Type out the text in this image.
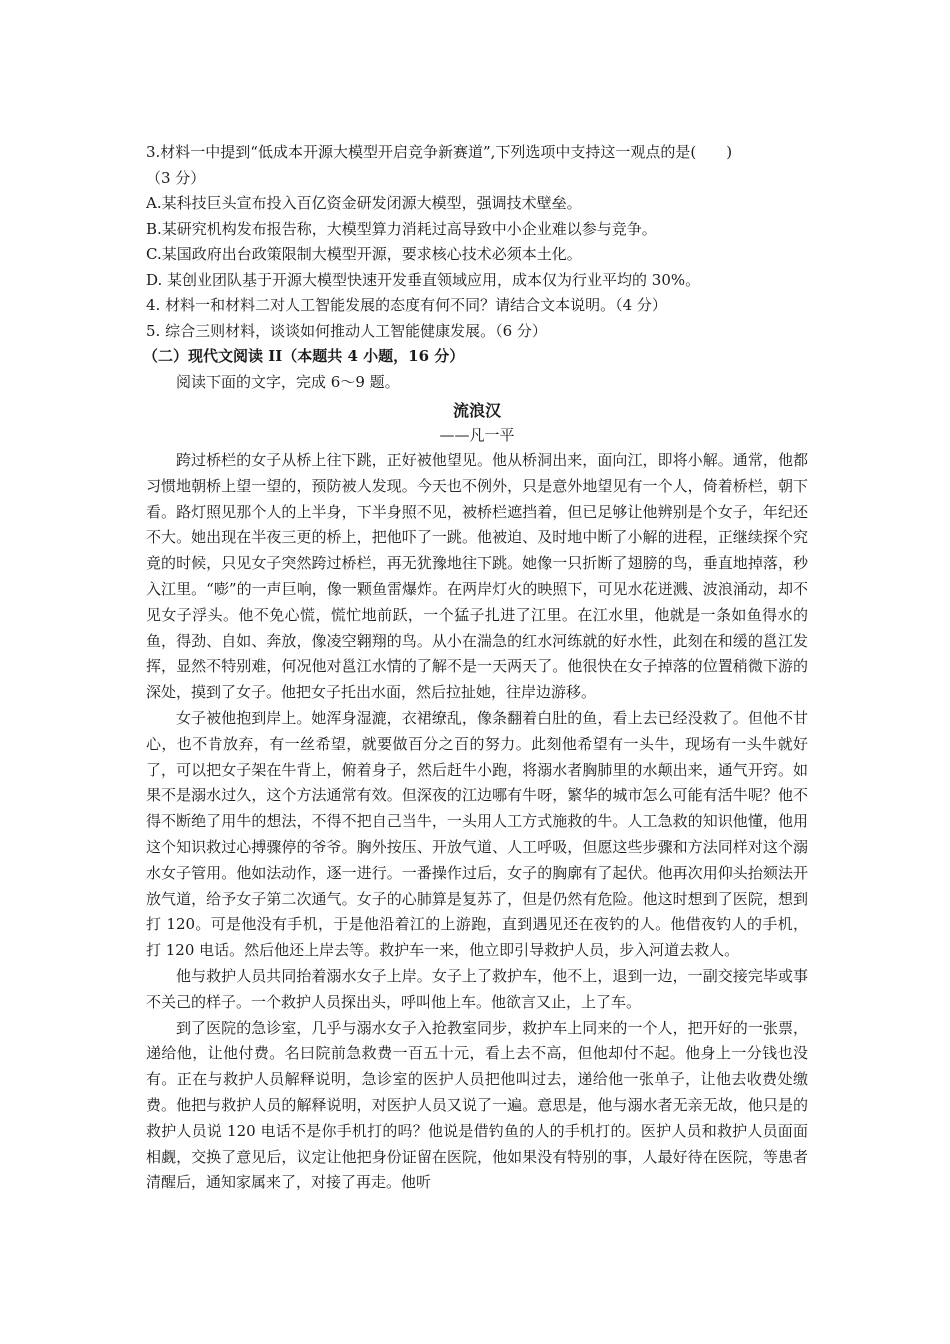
3.材料一中提到“低成本开源大模型开启竞争新赛道”,下列选项中支持这一观点的是(　　)
（3 分）
A.某科技巨头宣布投入百亿资金研发闭源大模型，强调技术壁垒。
B.某研究机构发布报告称，大模型算力消耗过高导致中小企业难以参与竞争。
C.某国政府出台政策限制大模型开源，要求核心技术必须本土化。
D. 某创业团队基于开源大模型快速开发垂直领域应用，成本仅为行业平均的 30%。
4. 材料一和材料二对人工智能发展的态度有何不同？请结合文本说明。（4 分）
5. 综合三则材料，谈谈如何推动人工智能健康发展。（6 分）
（二）现代文阅读 II（本题共 4 小题，16 分）
阅读下面的文字，完成 6～9 题。
流浪汉
——凡一平
跨过桥栏的女子从桥上往下跳，正好被他望见。他从桥洞出来，面向江，即将小解。通常，他都习惯地朝桥上望一望的，预防被人发现。今天也不例外，只是意外地望见有一个人，倚着桥栏，朝下看。路灯照见那个人的上半身，下半身照不见，被桥栏遮挡着，但已足够让他辨别是个女子，年纪还不大。她出现在半夜三更的桥上，把他吓了一跳。他被迫、及时地中断了小解的进程，正继续探个究竟的时候，只见女子突然跨过桥栏，再无犹豫地往下跳。她像一只折断了翅膀的鸟，垂直地掉落，秒入江里。“嘭”的一声巨响，像一颗鱼雷爆炸。在两岸灯火的映照下，可见水花迸溅、波浪涌动，却不见女子浮头。他不免心慌，慌忙地前跃，一个猛子扎进了江里。在江水里，他就是一条如鱼得水的鱼，得劲、自如、奔放，像凌空翱翔的鸟。从小在湍急的红水河练就的好水性，此刻在和缓的邕江发挥，显然不特别难，何况他对邕江水情的了解不是一天两天了。他很快在女子掉落的位置稍微下游的深处，摸到了女子。他把女子托出水面，然后拉扯她，往岸边游移。
女子被他抱到岸上。她浑身湿漉，衣裙缭乱，像条翻着白肚的鱼，看上去已经没救了。但他不甘心，也不肯放弃，有一丝希望，就要做百分之百的努力。此刻他希望有一头牛，现场有一头牛就好了，可以把女子架在牛背上，俯着身子，然后赶牛小跑，将溺水者胸肺里的水颠出来，通气开窍。如果不是溺水过久，这个方法通常有效。但深夜的江边哪有牛呀，繁华的城市怎么可能有活牛呢？他不得不断绝了用牛的想法，不得不把自己当牛，一头用人工方式施救的牛。人工急救的知识他懂，他用这个知识救过心搏骤停的爷爷。胸外按压、开放气道、人工呼吸，但愿这些步骤和方法同样对这个溺水女子管用。他如法动作，逐一进行。一番操作过后，女子的胸廓有了起伏。他再次用仰头抬颏法开放气道，给予女子第二次通气。女子的心肺算是复苏了，但是仍然有危险。他这时想到了医院，想到打 120。可是他没有手机，于是他沿着江的上游跑，直到遇见还在夜钓的人。他借夜钓人的手机，打 120 电话。然后他还上岸去等。救护车一来，他立即引导救护人员，步入河道去救人。
他与救护人员共同抬着溺水女子上岸。女子上了救护车，他不上，退到一边，一副交接完毕或事不关己的样子。一个救护人员探出头，呼叫他上车。他欲言又止，上了车。
到了医院的急诊室，几乎与溺水女子入抢教室同步，救护车上同来的一个人，把开好的一张票，递给他，让他付费。名曰院前急救费一百五十元，看上去不高，但他却付不起。他身上一分钱也没有。正在与救护人员解释说明，急诊室的医护人员把他叫过去，递给他一张单子，让他去收费处缴费。他把与救护人员的解释说明，对医护人员又说了一遍。意思是，他与溺水者无亲无故，他只是的救护人员说 120 电话不是你手机打的吗？他说是借钓鱼的人的手机打的。医护人员和救护人员面面相觑，交换了意见后，议定让他把身份证留在医院，他如果没有特别的事，人最好待在医院，等患者清醒后，通知家属来了，对接了再走。他听
